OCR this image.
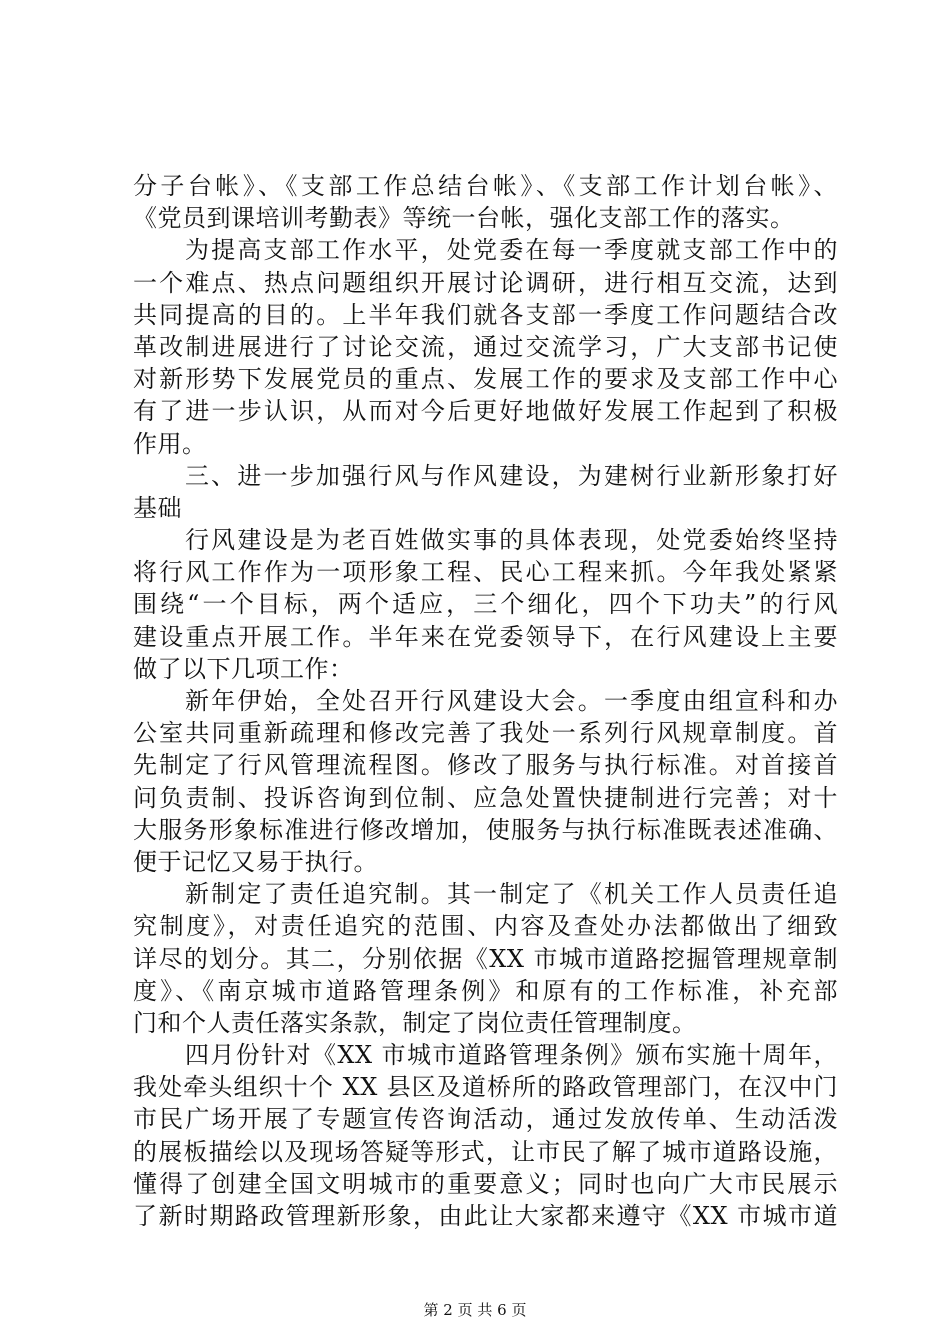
分子台帐》、《支部工作总结台帐》、《支部工作计划台帐》、
《党员到课培训考勤表》等统一台帐，强化支部工作的落实。
为提高支部工作水平，处党委在每一季度就支部工作中的
一个难点、热点问题组织开展讨论调研，进行相互交流，达到
共同提高的目的。上半年我们就各支部一季度工作问题结合改
革改制进展进行了讨论交流，通过交流学习，广大支部书记使
对新形势下发展党员的重点、发展工作的要求及支部工作中心
有了进一步认识，从而对今后更好地做好发展工作起到了积极
作用。
三、进一步加强行风与作风建设，为建树行业新形象打好
基础
行风建设是为老百姓做实事的具体表现，处党委始终坚持
将行风工作作为一项形象工程、民心工程来抓。今年我处紧紧
围绕“一个目标，两个适应，三个细化，四个下功夫”的行风
建设重点开展工作。半年来在党委领导下，在行风建设上主要
做了以下几项工作：
新年伊始，全处召开行风建设大会。一季度由组宣科和办
公室共同重新疏理和修改完善了我处一系列行风规章制度。首
先制定了行风管理流程图。修改了服务与执行标准。对首接首
问负责制、投诉咨询到位制、应急处置快捷制进行完善；对十
大服务形象标准进行修改增加，使服务与执行标准既表述准确、
便于记忆又易于执行。
新制定了责任追究制。其一制定了《机关工作人员责任追
究制度》，对责任追究的范围、内容及查处办法都做出了细致
详尽的划分。其二，分别依据《XX 市城市道路挖掘管理规章制
度》、《南京城市道路管理条例》和原有的工作标准，补充部
门和个人责任落实条款，制定了岗位责任管理制度。
四月份针对《XX 市城市道路管理条例》颁布实施十周年，
我处牵头组织十个 XX 县区及道桥所的路政管理部门，在汉中门
市民广场开展了专题宣传咨询活动，通过发放传单、生动活泼
的展板描绘以及现场答疑等形式，让市民了解了城市道路设施，
懂得了创建全国文明城市的重要意义；同时也向广大市民展示
了新时期路政管理新形象，由此让大家都来遵守《XX 市城市道
第 2 页 共 6 页
